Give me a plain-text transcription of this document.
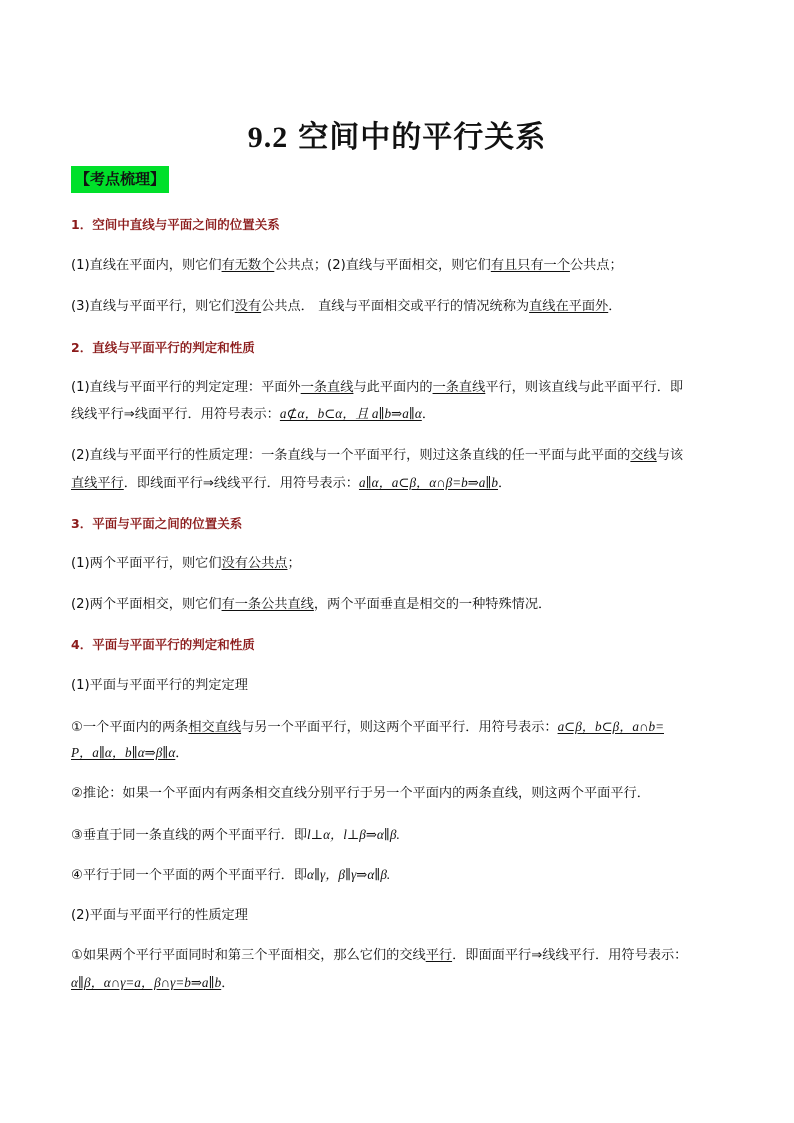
9.2 空间中的平行关系
【考点梳理】
1．空间中直线与平面之间的位置关系
(1)直线在平面内，则它们有无数个公共点；(2)直线与平面相交，则它们有且只有一个公共点；
(3)直线与平面平行，则它们没有公共点． 直线与平面相交或平行的情况统称为直线在平面外．
2．直线与平面平行的判定和性质
(1)直线与平面平行的判定定理：平面外一条直线与此平面内的一条直线平行，则该直线与此平面平行．即
线线平行⇒线面平行．用符号表示：a⊄α，b⊂α，且 a∥b⇒a∥α．
(2)直线与平面平行的性质定理：一条直线与一个平面平行，则过这条直线的任一平面与此平面的交线与该
直线平行．即线面平行⇒线线平行．用符号表示：a∥α，a⊂β，α∩β=b⇒a∥b．
3．平面与平面之间的位置关系
(1)两个平面平行，则它们没有公共点；
(2)两个平面相交，则它们有一条公共直线，两个平面垂直是相交的一种特殊情况．
4．平面与平面平行的判定和性质
(1)平面与平面平行的判定定理
①一个平面内的两条相交直线与另一个平面平行，则这两个平面平行．用符号表示：a⊂β，b⊂β，a∩b=
P，a∥α，b∥α⇒β∥α．
②推论：如果一个平面内有两条相交直线分别平行于另一个平面内的两条直线，则这两个平面平行．
③垂直于同一条直线的两个平面平行．即l⊥α，l⊥β⇒α∥β.
④平行于同一个平面的两个平面平行．即α∥γ，β∥γ⇒α∥β.
(2)平面与平面平行的性质定理
①如果两个平行平面同时和第三个平面相交，那么它们的交线平行．即面面平行⇒线线平行．用符号表示：
α∥β，α∩γ=a，β∩γ=b⇒a∥b．
